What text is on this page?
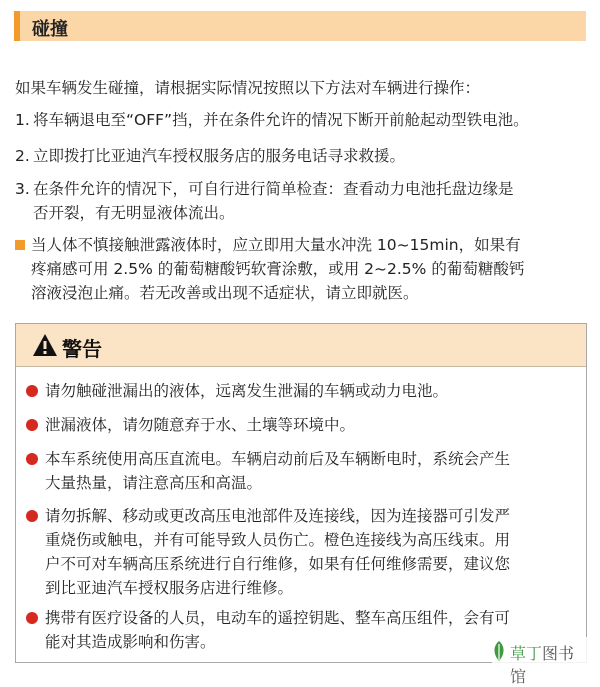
碰撞
如果车辆发生碰撞，请根据实际情况按照以下方法对车辆进行操作：
1. 将车辆退电至“OFF”挡，并在条件允许的情况下断开前舱起动型铁电池。
2. 立即拨打比亚迪汽车授权服务店的服务电话寻求救援。
3. 在条件允许的情况下，可自行进行简单检查：查看动力电池托盘边缘是
否开裂，有无明显液体流出。
当人体不慎接触泄露液体时，应立即用大量水冲洗 10~15min，如果有
疼痛感可用 2.5% 的葡萄糖酸钙软膏涂敷，或用 2~2.5% 的葡萄糖酸钙
溶液浸泡止痛。若无改善或出现不适症状，请立即就医。
警告
请勿触碰泄漏出的液体，远离发生泄漏的车辆或动力电池。
泄漏液体，请勿随意弃于水、土壤等环境中。
本车系统使用高压直流电。车辆启动前后及车辆断电时，系统会产生
大量热量，请注意高压和高温。
请勿拆解、移动或更改高压电池部件及连接线，因为连接器可引发严
重烧伤或触电，并有可能导致人员伤亡。橙色连接线为高压线束。用
户不可对车辆高压系统进行自行维修，如果有任何维修需要，建议您
到比亚迪汽车授权服务店进行维修。
携带有医疗设备的人员，电动车的遥控钥匙、整车高压组件，会有可
能对其造成影响和伤害。
草丁图书馆
